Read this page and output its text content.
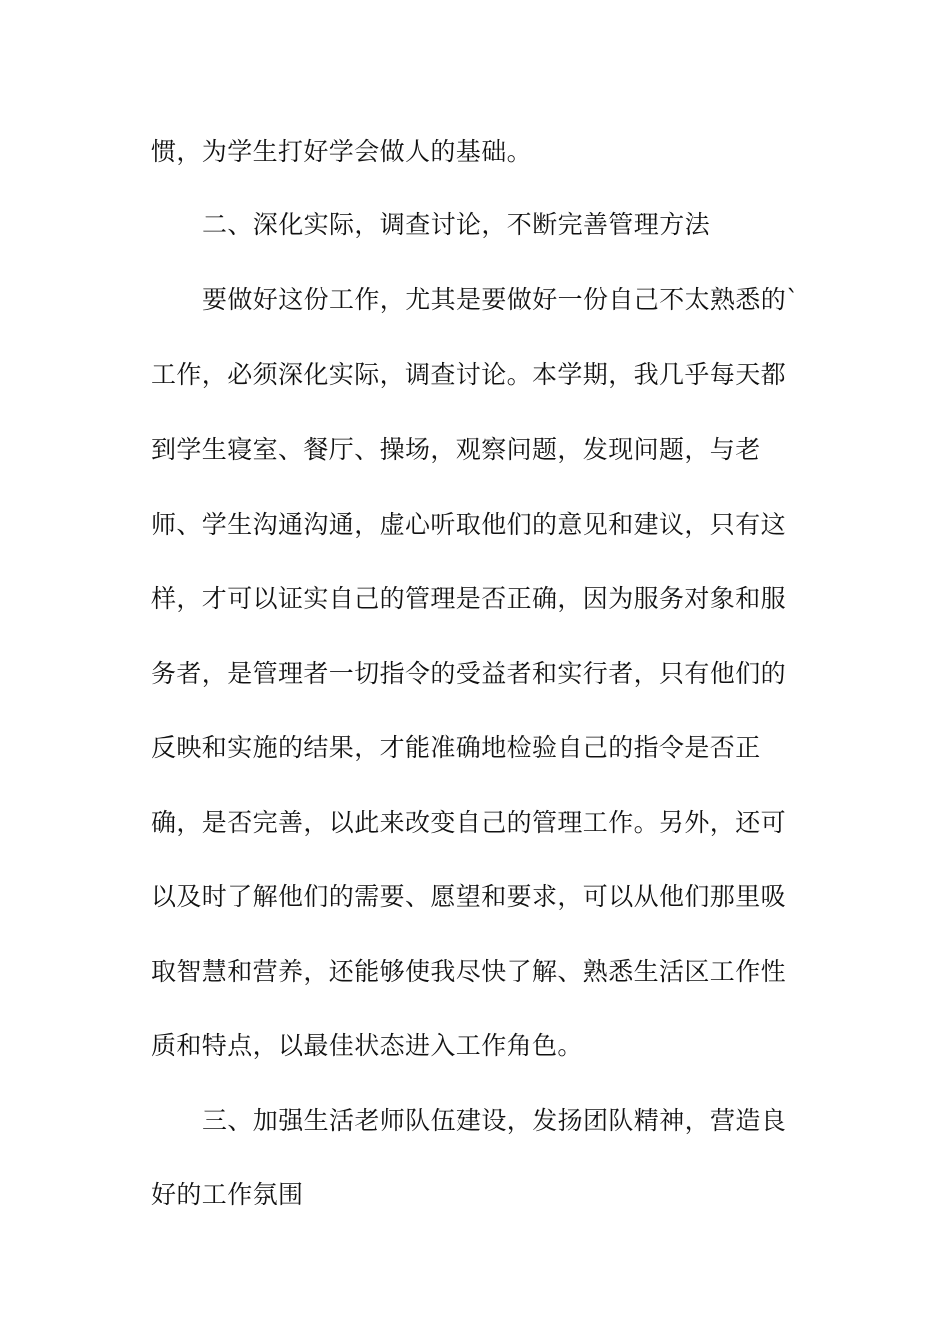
惯，为学生打好学会做人的基础。
二、深化实际，调查讨论，不断完善管理方法
要做好这份工作，尤其是要做好一份自己不太熟悉的`
工作，必须深化实际，调查讨论。本学期，我几乎每天都
到学生寝室、餐厅、操场，观察问题，发现问题，与老
师、学生沟通沟通，虚心听取他们的意见和建议，只有这
样，才可以证实自己的管理是否正确，因为服务对象和服
务者，是管理者一切指令的受益者和实行者，只有他们的
反映和实施的结果，才能准确地检验自己的指令是否正
确，是否完善，以此来改变自己的管理工作。另外，还可
以及时了解他们的需要、愿望和要求，可以从他们那里吸
取智慧和营养，还能够使我尽快了解、熟悉生活区工作性
质和特点，以最佳状态进入工作角色。
三、加强生活老师队伍建设，发扬团队精神，营造良
好的工作氛围
